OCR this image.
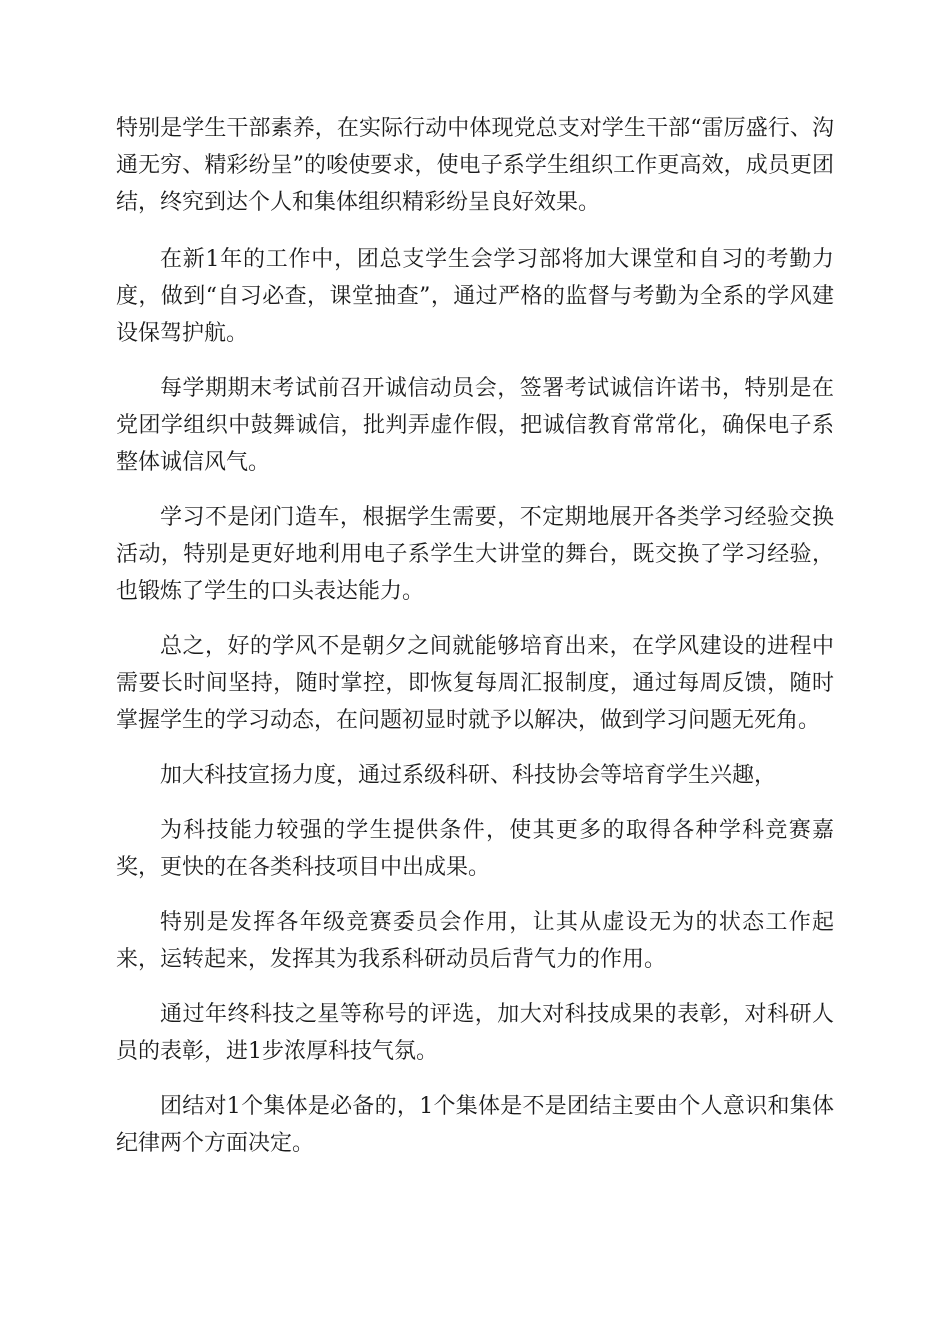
特别是学生干部素养，在实际行动中体现党总支对学生干部“雷厉盛行、沟通无穷、精彩纷呈”的唆使要求，使电子系学生组织工作更高效，成员更团结，终究到达个人和集体组织精彩纷呈良好效果。

在新1年的工作中，团总支学生会学习部将加大课堂和自习的考勤力度，做到“自习必查，课堂抽查”，通过严格的监督与考勤为全系的学风建设保驾护航。

每学期期末考试前召开诚信动员会，签署考试诚信许诺书，特别是在党团学组织中鼓舞诚信，批判弄虚作假，把诚信教育常常化，确保电子系整体诚信风气。

学习不是闭门造车，根据学生需要，不定期地展开各类学习经验交换活动，特别是更好地利用电子系学生大讲堂的舞台，既交换了学习经验，也锻炼了学生的口头表达能力。

总之，好的学风不是朝夕之间就能够培育出来，在学风建设的进程中需要长时间坚持，随时掌控，即恢复每周汇报制度，通过每周反馈，随时掌握学生的学习动态，在问题初显时就予以解决，做到学习问题无死角。

加大科技宣扬力度，通过系级科研、科技协会等培育学生兴趣，

为科技能力较强的学生提供条件，使其更多的取得各种学科竞赛嘉奖，更快的在各类科技项目中出成果。

特别是发挥各年级竞赛委员会作用，让其从虚设无为的状态工作起来，运转起来，发挥其为我系科研动员后背气力的作用。

通过年终科技之星等称号的评选，加大对科技成果的表彰，对科研人员的表彰，进1步浓厚科技气氛。

团结对1个集体是必备的，1个集体是不是团结主要由个人意识和集体纪律两个方面决定。
